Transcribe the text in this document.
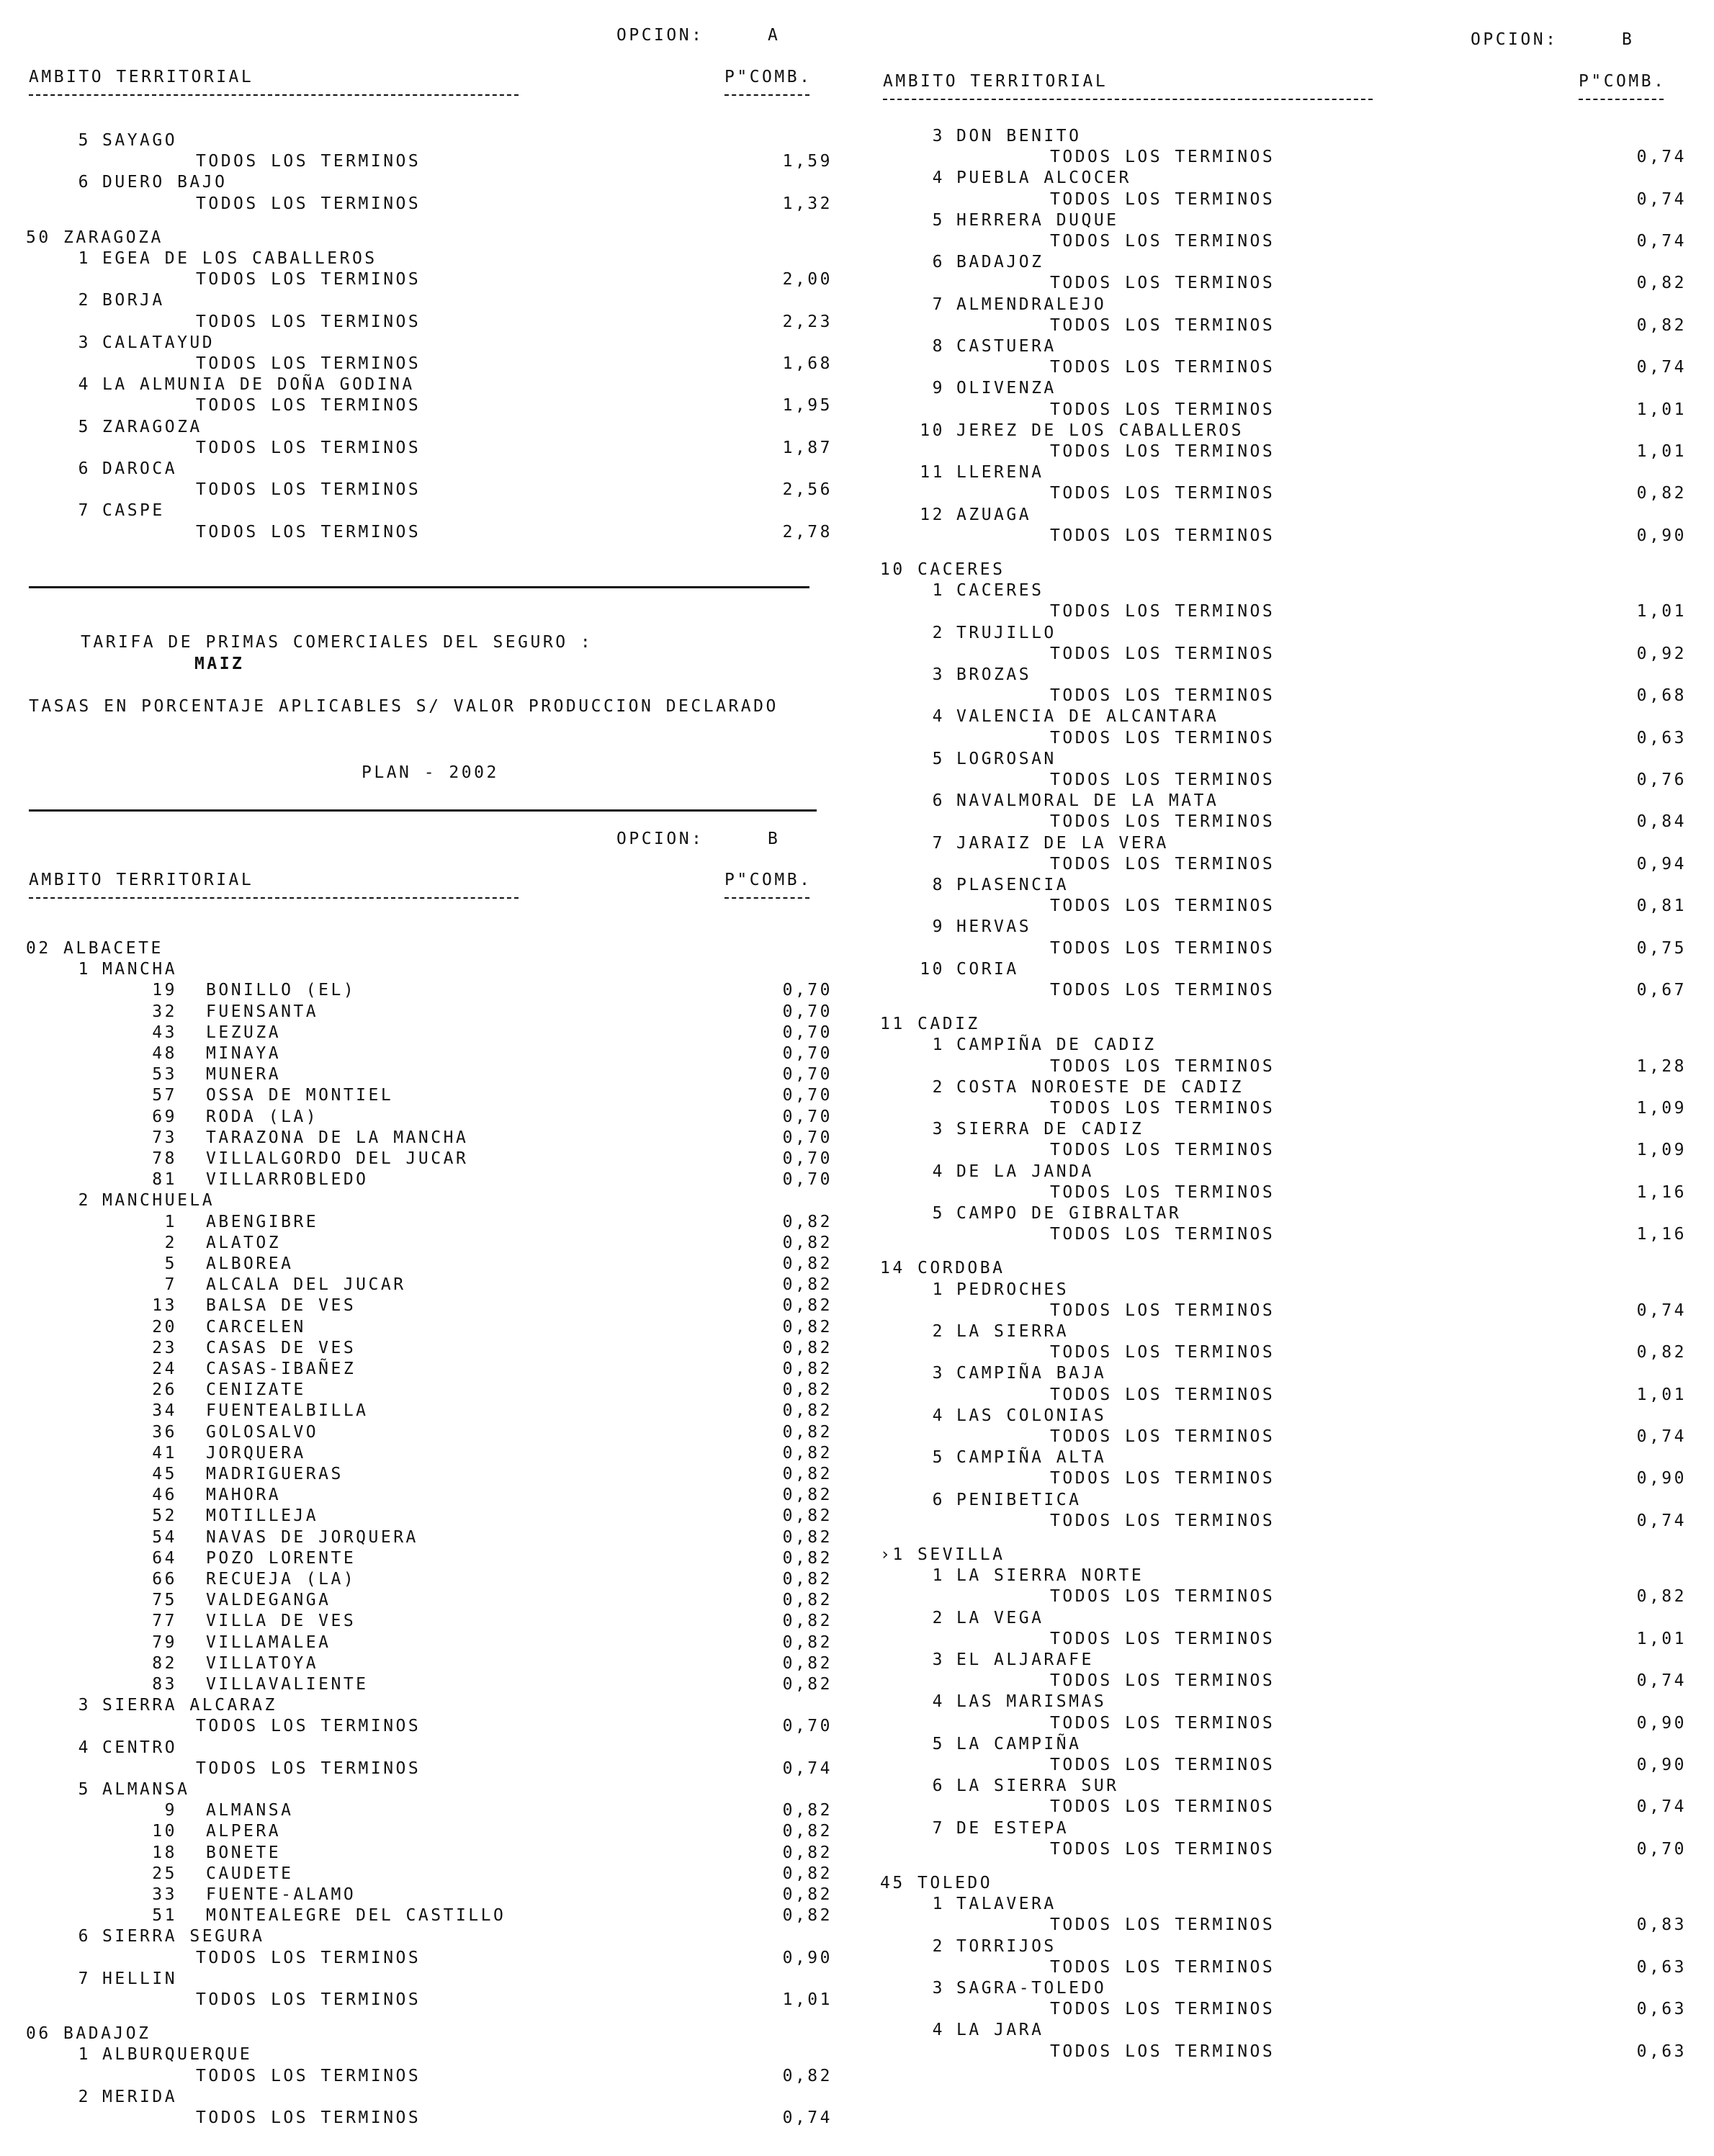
OPCION:

	A

AMBITO TERRITORIAL

	P"COMB.

5 SAYAGO
TODOS LOS TERMINOS	1,59
6 DUERO BAJO
TODOS LOS TERMINOS	1,32
50 ZARAGOZA
1 EGEA DE LOS CABALLEROS
TODOS LOS TERMINOS	2,00
2 BORJA
TODOS LOS TERMINOS	2,23
3 CALATAYUD
TODOS LOS TERMINOS	1,68
4 LA ALMUNIA DE DOÑA GODINA
TODOS LOS TERMINOS	1,95
5 ZARAGOZA
TODOS LOS TERMINOS	1,87
6 DAROCA
TODOS LOS TERMINOS	2,56
7 CASPE
TODOS LOS TERMINOS	2,78

TARIFA DE PRIMAS COMERCIALES DEL SEGURO :

MAIZ

TASAS EN PORCENTAJE APLICABLES S/ VALOR PRODUCCION DECLARADO

PLAN - 2002

OPCION:

	B

AMBITO TERRITORIAL

	P"COMB.

02 ALBACETE
1 MANCHA
19 BONILLO (EL)	0,70
32 FUENSANTA	0,70
43 LEZUZA	0,70
48 MINAYA	0,70
53 MUNERA	0,70
57 OSSA DE MONTIEL	0,70
69 RODA (LA)	0,70
73 TARAZONA DE LA MANCHA	0,70
78 VILLALGORDO DEL JUCAR	0,70
81 VILLARROBLEDO	0,70
2 MANCHUELA
1 ABENGIBRE	0,82
2 ALATOZ	0,82
5 ALBOREA	0,82
7 ALCALA DEL JUCAR	0,82
13 BALSA DE VES	0,82
20 CARCELEN	0,82
23 CASAS DE VES	0,82
24 CASAS-IBAÑEZ	0,82
26 CENIZATE	0,82
34 FUENTEALBILLA	0,82
36 GOLOSALVO	0,82
41 JORQUERA	0,82
45 MADRIGUERAS	0,82
46 MAHORA	0,82
52 MOTILLEJA	0,82
54 NAVAS DE JORQUERA	0,82
64 POZO LORENTE	0,82
66 RECUEJA (LA)	0,82
75 VALDEGANGA	0,82
77 VILLA DE VES	0,82
79 VILLAMALEA	0,82
82 VILLATOYA	0,82
83 VILLAVALIENTE	0,82
3 SIERRA ALCARAZ
TODOS LOS TERMINOS	0,70
4 CENTRO
TODOS LOS TERMINOS	0,74
5 ALMANSA
9 ALMANSA	0,82
10 ALPERA	0,82
18 BONETE	0,82
25 CAUDETE	0,82
33 FUENTE-ALAMO	0,82
51 MONTEALEGRE DEL CASTILLO	0,82
6 SIERRA SEGURA
TODOS LOS TERMINOS	0,90
7 HELLIN
TODOS LOS TERMINOS	1,01
06 BADAJOZ
1 ALBURQUERQUE
TODOS LOS TERMINOS	0,82
2 MERIDA
TODOS LOS TERMINOS	0,74

OPCION:

	B

AMBITO TERRITORIAL

	P"COMB.

3 DON BENITO
TODOS LOS TERMINOS	0,74
4 PUEBLA ALCOCER
TODOS LOS TERMINOS	0,74
5 HERRERA DUQUE
TODOS LOS TERMINOS	0,74
6 BADAJOZ
TODOS LOS TERMINOS	0,82
7 ALMENDRALEJO
TODOS LOS TERMINOS	0,82
8 CASTUERA
TODOS LOS TERMINOS	0,74
9 OLIVENZA
TODOS LOS TERMINOS	1,01
10 JEREZ DE LOS CABALLEROS
TODOS LOS TERMINOS	1,01
11 LLERENA
TODOS LOS TERMINOS	0,82
12 AZUAGA
TODOS LOS TERMINOS	0,90
10 CACERES
1 CACERES
TODOS LOS TERMINOS	1,01
2 TRUJILLO
TODOS LOS TERMINOS	0,92
3 BROZAS
TODOS LOS TERMINOS	0,68
4 VALENCIA DE ALCANTARA
TODOS LOS TERMINOS	0,63
5 LOGROSAN
TODOS LOS TERMINOS	0,76
6 NAVALMORAL DE LA MATA
TODOS LOS TERMINOS	0,84
7 JARAIZ DE LA VERA
TODOS LOS TERMINOS	0,94
8 PLASENCIA
TODOS LOS TERMINOS	0,81
9 HERVAS
TODOS LOS TERMINOS	0,75
10 CORIA
TODOS LOS TERMINOS	0,67
11 CADIZ
1 CAMPIÑA DE CADIZ
TODOS LOS TERMINOS	1,28
2 COSTA NOROESTE DE CADIZ
TODOS LOS TERMINOS	1,09
3 SIERRA DE CADIZ
TODOS LOS TERMINOS	1,09
4 DE LA JANDA
TODOS LOS TERMINOS	1,16
5 CAMPO DE GIBRALTAR
TODOS LOS TERMINOS	1,16
14 CORDOBA
1 PEDROCHES
TODOS LOS TERMINOS	0,74
2 LA SIERRA
TODOS LOS TERMINOS	0,82
3 CAMPIÑA BAJA
TODOS LOS TERMINOS	1,01
4 LAS COLONIAS
TODOS LOS TERMINOS	0,74
5 CAMPIÑA ALTA
TODOS LOS TERMINOS	0,90
6 PENIBETICA
TODOS LOS TERMINOS	0,74
›1 SEVILLA
1 LA SIERRA NORTE
TODOS LOS TERMINOS	0,82
2 LA VEGA
TODOS LOS TERMINOS	1,01
3 EL ALJARAFE
TODOS LOS TERMINOS	0,74
4 LAS MARISMAS
TODOS LOS TERMINOS	0,90
5 LA CAMPIÑA
TODOS LOS TERMINOS	0,90
6 LA SIERRA SUR
TODOS LOS TERMINOS	0,74
7 DE ESTEPA
TODOS LOS TERMINOS	0,70
45 TOLEDO
1 TALAVERA
TODOS LOS TERMINOS	0,83
2 TORRIJOS
TODOS LOS TERMINOS	0,63
3 SAGRA-TOLEDO
TODOS LOS TERMINOS	0,63
4 LA JARA
TODOS LOS TERMINOS	0,63
